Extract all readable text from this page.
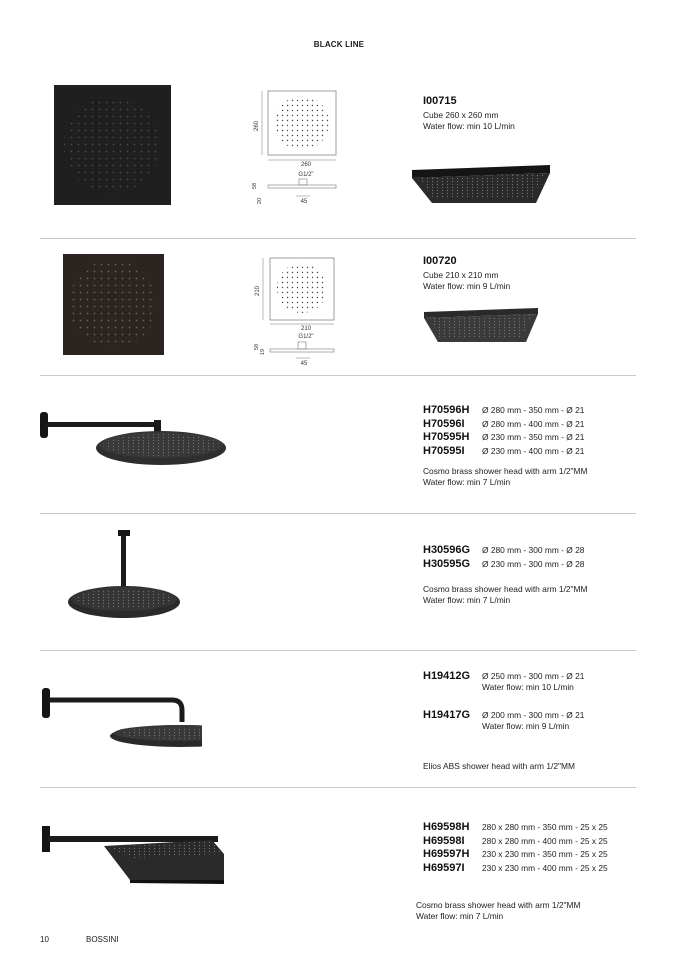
BLACK LINE
260
260
G1/2"
58
20	45
I00715
Cube 260 x 260 mm
Water flow: min 10 L/min
210
210
G1/2"
58
19
45
I00720
Cube 210 x 210 mm
Water flow: min 9 L/min
H70596H	Ø 280 mm - 350 mm - Ø 21
H70596I	Ø 280 mm - 400 mm - Ø 21
H70595H	Ø 230 mm - 350 mm - Ø 21
H70595I	Ø 230 mm - 400 mm - Ø 21
Cosmo brass shower head with arm 1/2"MM
Water flow: min 7 L/min
H30596G	Ø 280 mm - 300 mm - Ø 28
H30595G	Ø 230 mm - 300 mm - Ø 28
Cosmo brass shower head with arm 1/2"MM
Water flow: min 7 L/min
H19412G	Ø 250 mm - 300 mm - Ø 21
Water flow: min 10 L/min
H19417G	Ø 200 mm - 300 mm - Ø 21
Water flow: min 9 L/min
Elios ABS shower head with arm 1/2"MM
H69598H	280 x 280 mm - 350 mm - 25 x 25
H69598I	280 x 280 mm - 400 mm - 25 x 25
H69597H	230 x 230 mm - 350 mm - 25 x 25
H69597I	230 x 230 mm - 400 mm - 25 x 25
Cosmo brass shower head with arm 1/2"MM
Water flow: min 7 L/min
10	BOSSINI
